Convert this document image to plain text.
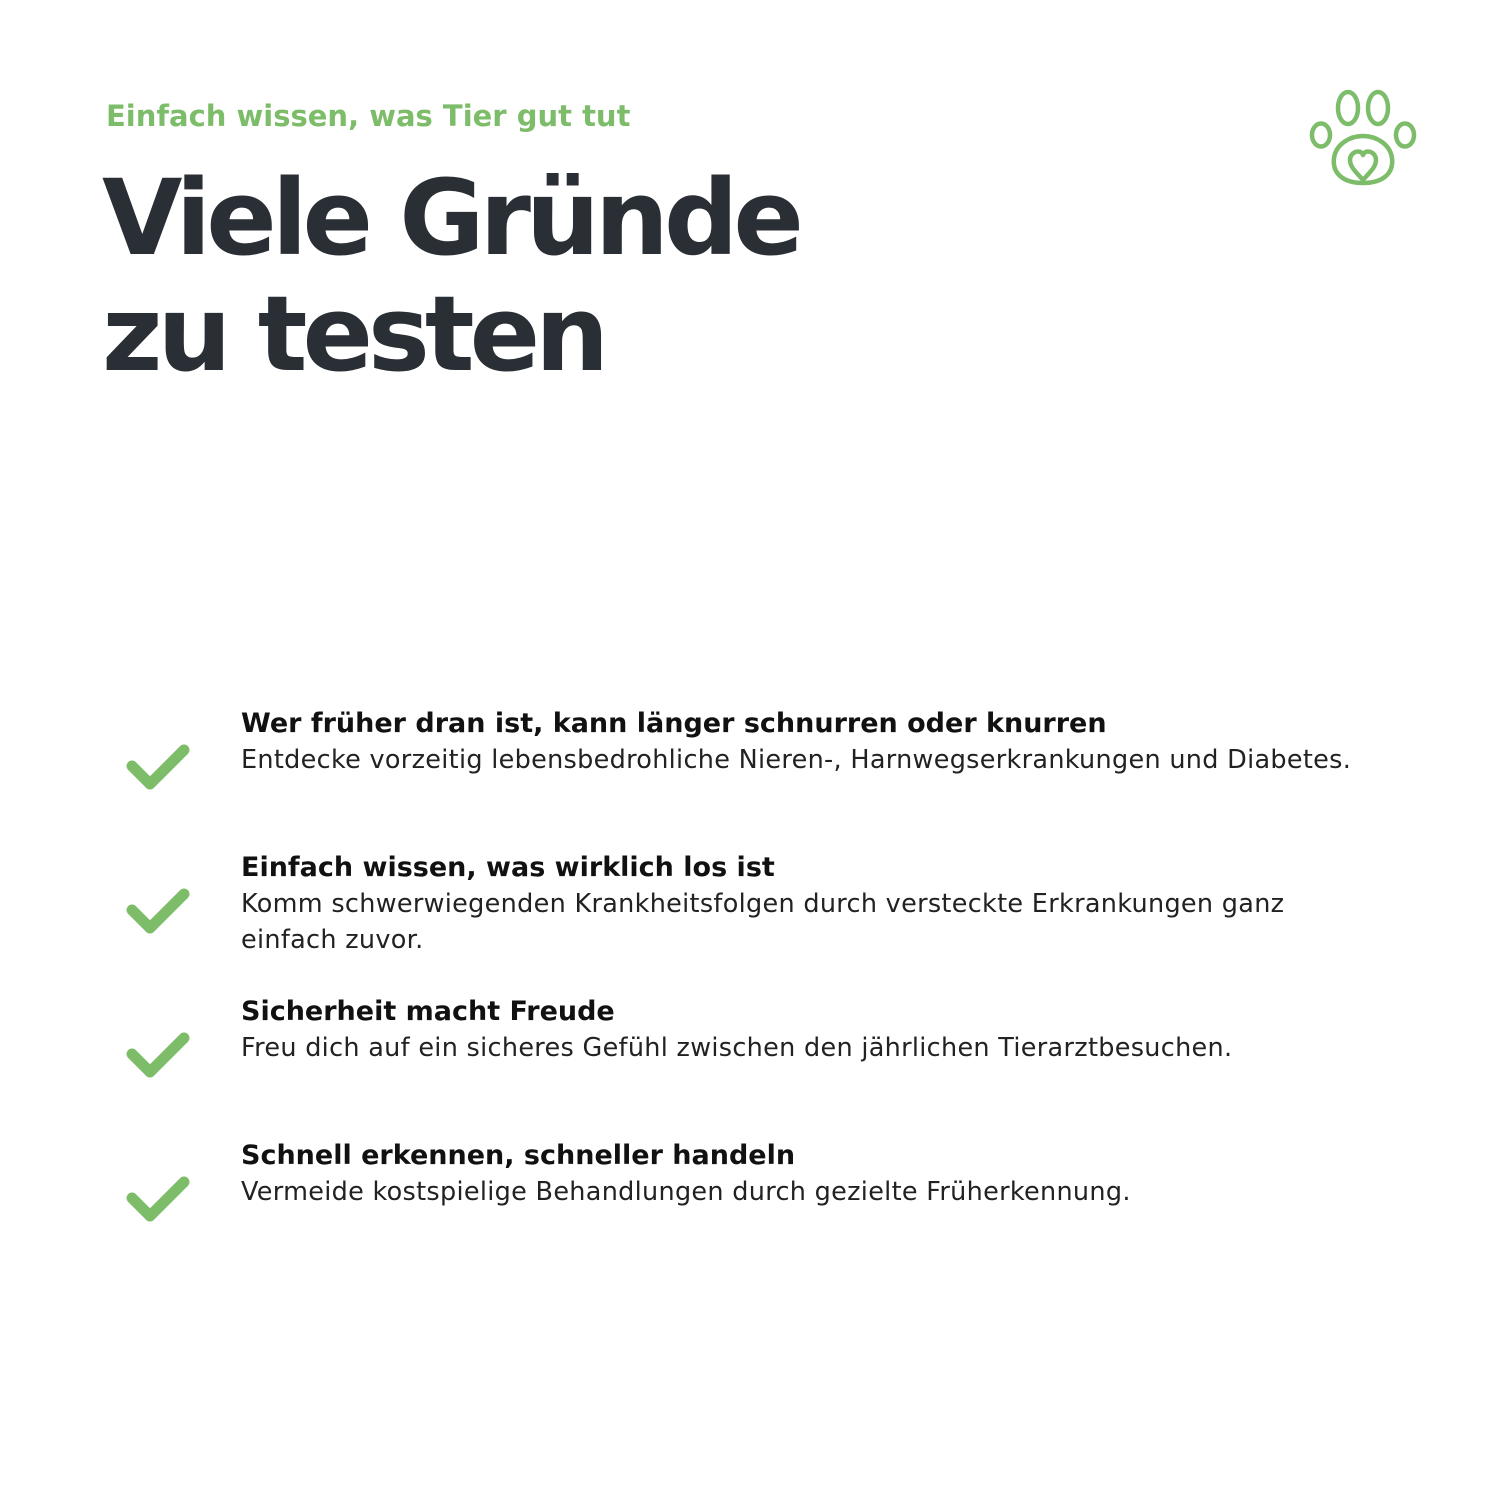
Einfach wissen, was Tier gut tut

Viele Gründe
zu testen
Wer früher dran ist, kann länger schnurren oder knurren
Entdecke vorzeitig lebensbedrohliche Nieren-, Harnwegserkrankungen und Diabetes.
Einfach wissen, was wirklich los ist
Komm schwerwiegenden Krankheitsfolgen durch versteckte Erkrankungen ganz einfach zuvor.
Sicherheit macht Freude
Freu dich auf ein sicheres Gefühl zwischen den jährlichen Tierarztbesuchen.
Schnell erkennen, schneller handeln
Vermeide kostspielige Behandlungen durch gezielte Früherkennung.
